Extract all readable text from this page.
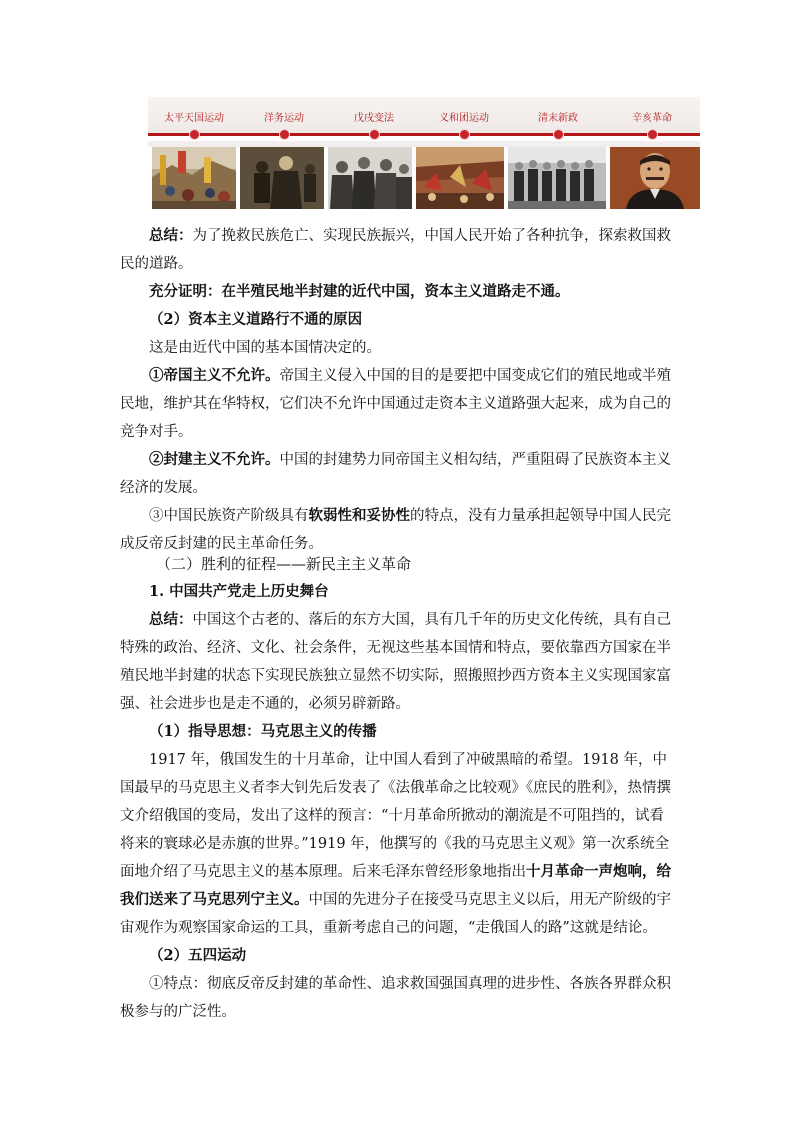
太平天国运动	洋务运动	戊戌变法	义和团运动	清末新政	辛亥革命

总结：为了挽救民族危亡、实现民族振兴，中国人民开始了各种抗争，探索救国救民的道路。

充分证明：在半殖民地半封建的近代中国，资本主义道路走不通。

（2）资本主义道路行不通的原因

这是由近代中国的基本国情决定的。

①帝国主义不允许。帝国主义侵入中国的目的是要把中国变成它们的殖民地或半殖民地，维护其在华特权，它们决不允许中国通过走资本主义道路强大起来，成为自己的竞争对手。

②封建主义不允许。中国的封建势力同帝国主义相勾结，严重阻碍了民族资本主义经济的发展。

③中国民族资产阶级具有软弱性和妥协性的特点，没有力量承担起领导中国人民完成反帝反封建的民主革命任务。

（二）胜利的征程——新民主主义革命

1. 中国共产党走上历史舞台

总结：中国这个古老的、落后的东方大国，具有几千年的历史文化传统，具有自己特殊的政治、经济、文化、社会条件，无视这些基本国情和特点，要依靠西方国家在半殖民地半封建的状态下实现民族独立显然不切实际，照搬照抄西方资本主义实现国家富强、社会进步也是走不通的，必须另辟新路。

（1）指导思想：马克思主义的传播

1917 年，俄国发生的十月革命，让中国人看到了冲破黑暗的希望。1918 年，中国最早的马克思主义者李大钊先后发表了《法俄革命之比较观》《庶民的胜利》，热情撰文介绍俄国的变局，发出了这样的预言：“十月革命所掀动的潮流是不可阻挡的，试看将来的寰球必是赤旗的世界。”1919 年，他撰写的《我的马克思主义观》第一次系统全面地介绍了马克思主义的基本原理。后来毛泽东曾经形象地指出十月革命一声炮响，给我们送来了马克思列宁主义。中国的先进分子在接受马克思主义以后，用无产阶级的宇宙观作为观察国家命运的工具，重新考虑自己的问题，“走俄国人的路”这就是结论。

（2）五四运动

①特点：彻底反帝反封建的革命性、追求救国强国真理的进步性、各族各界群众积极参与的广泛性。
